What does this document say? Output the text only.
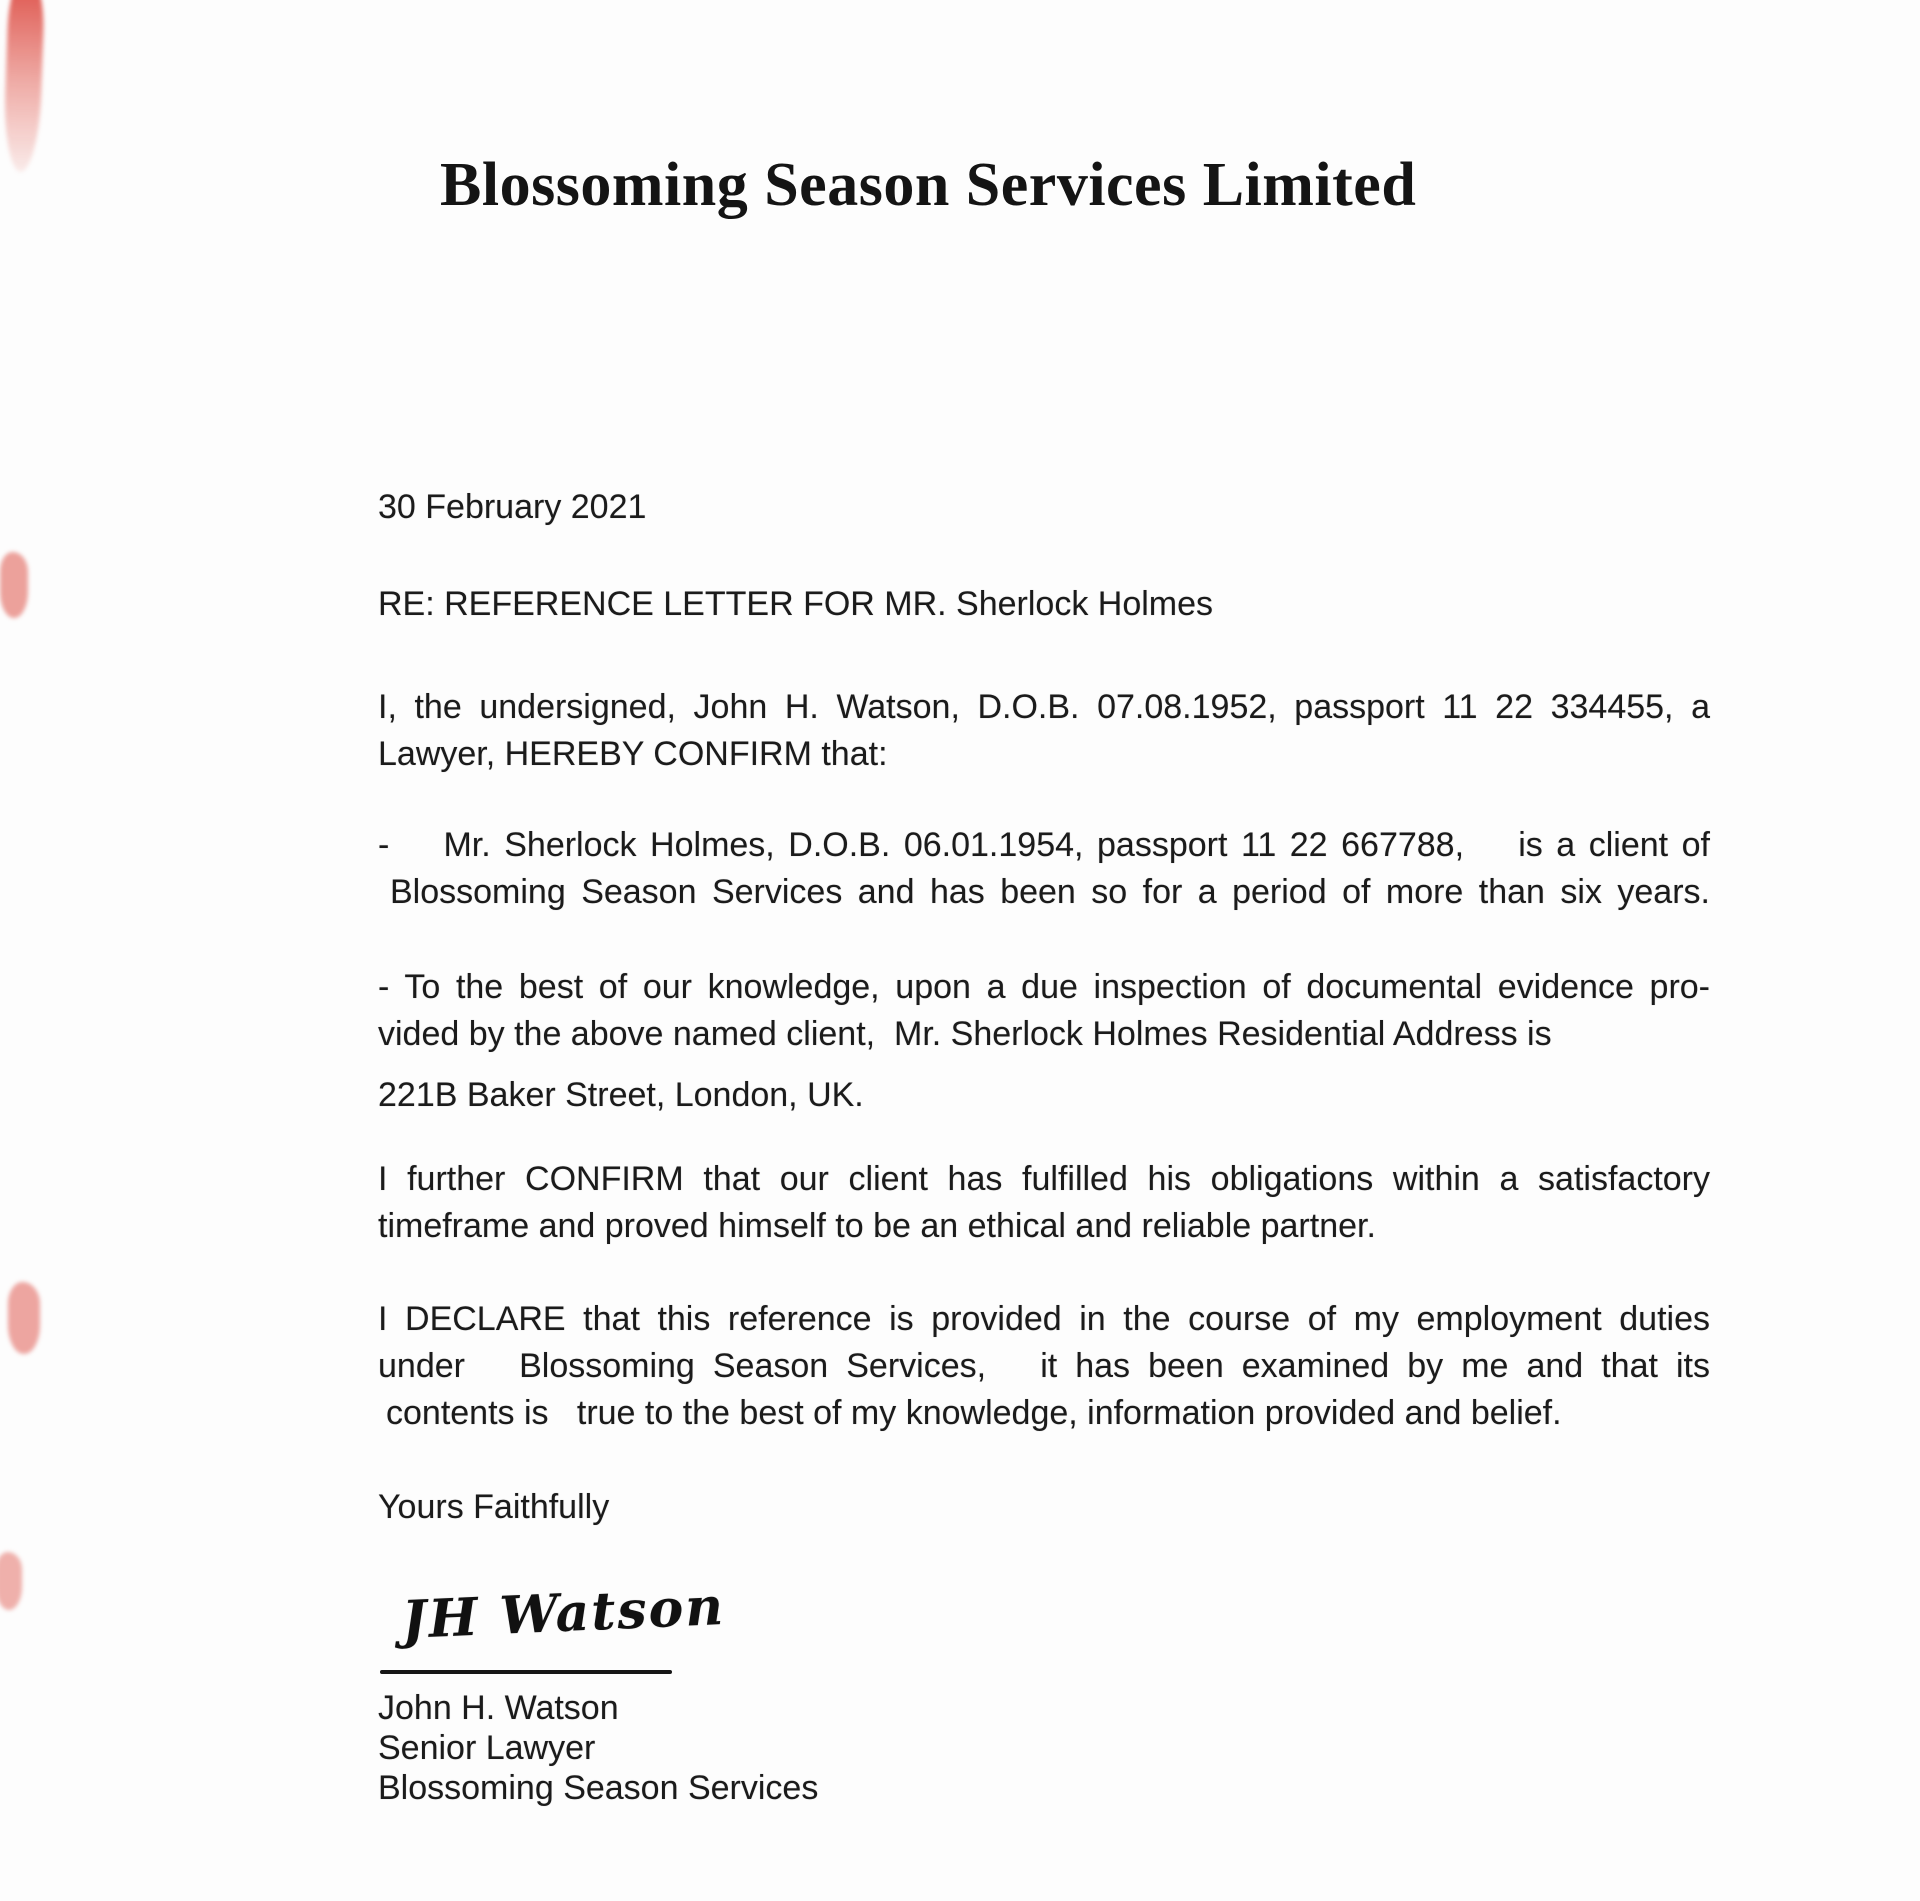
Blossoming Season Services Limited

30 February 2021

RE: REFERENCE LETTER FOR MR. Sherlock Holmes

I, the undersigned, John H. Watson, D.O.B. 07.08.1952, passport 11 22 334455, a
Lawyer, HEREBY CONFIRM that:

-    Mr. Sherlock Holmes, D.O.B. 06.01.1954, passport 11 22 667788,    is a client of
Blossoming Season Services and has been so for a period of more than six years.

- To the best of our knowledge, upon a due inspection of documental evidence pro-
vided by the above named client,  Mr. Sherlock Holmes Residential Address is
221B Baker Street, London, UK.

I further CONFIRM that our client has fulfilled his obligations within a satisfactory
timeframe and proved himself to be an ethical and reliable partner.

I DECLARE that this reference is provided in the course of my employment duties
under   Blossoming Season Services,   it has been examined by me and that its
contents is   true to the best of my knowledge, information provided and belief.

Yours Faithfully

JH Watson
John H. Watson
Senior Lawyer
Blossoming Season Services
